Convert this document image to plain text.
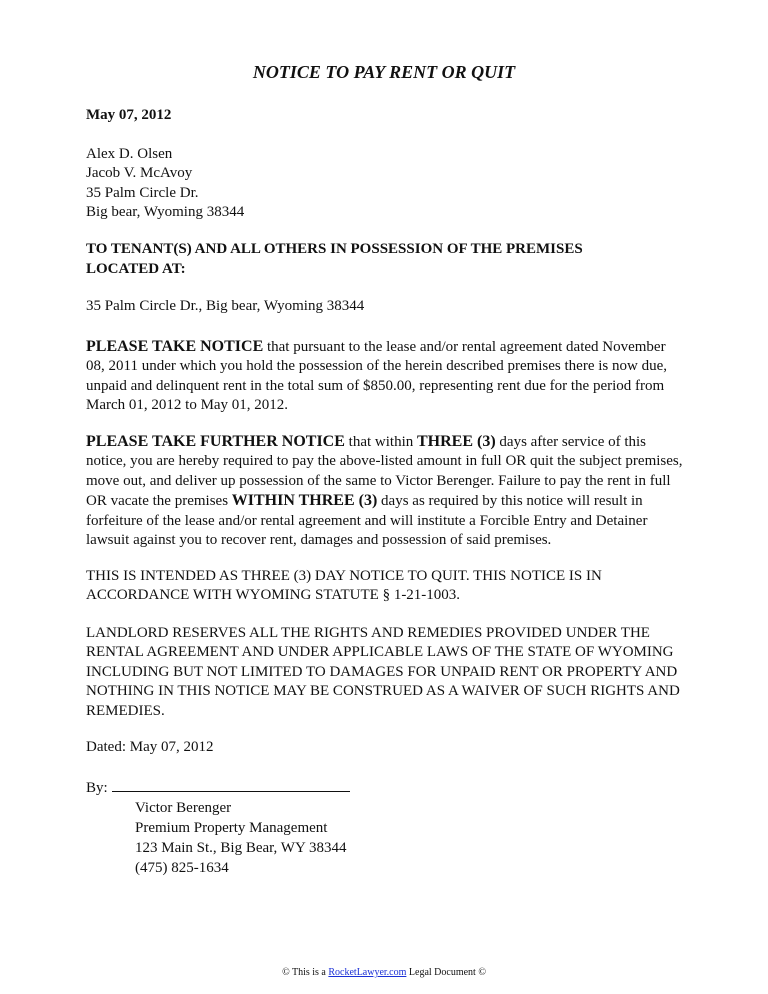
NOTICE TO PAY RENT OR QUIT

May 07, 2012

Alex D. Olsen
Jacob V. McAvoy
35 Palm Circle Dr.
Big bear, Wyoming 38344
TO TENANT(S) AND ALL OTHERS IN POSSESSION OF THE PREMISES LOCATED AT:

35 Palm Circle Dr., Big bear, Wyoming 38344

PLEASE TAKE NOTICE that pursuant to the lease and/or rental agreement dated November 08, 2011 under which you hold the possession of the herein described premises there is now due, unpaid and delinquent rent in the total sum of $850.00, representing rent due for the period from March 01, 2012 to May 01, 2012.

PLEASE TAKE FURTHER NOTICE that within THREE (3) days after service of this notice, you are hereby required to pay the above-listed amount in full OR quit the subject premises, move out, and deliver up possession of the same to Victor Berenger. Failure to pay the rent in full OR vacate the premises WITHIN THREE (3) days as required by this notice will result in forfeiture of the lease and/or rental agreement and will institute a Forcible Entry and Detainer lawsuit against you to recover rent, damages and possession of said premises.

THIS IS INTENDED AS THREE (3) DAY NOTICE TO QUIT. THIS NOTICE IS IN ACCORDANCE WITH WYOMING STATUTE § 1-21-1003.

LANDLORD RESERVES ALL THE RIGHTS AND REMEDIES PROVIDED UNDER THE RENTAL AGREEMENT AND UNDER APPLICABLE LAWS OF THE STATE OF WYOMING INCLUDING BUT NOT LIMITED TO DAMAGES FOR UNPAID RENT OR PROPERTY AND NOTHING IN THIS NOTICE MAY BE CONSTRUED AS A WAIVER OF SUCH RIGHTS AND REMEDIES.

Dated: May 07, 2012

By:

Victor Berenger
Premium Property Management
123 Main St., Big Bear, WY 38344
(475) 825-1634
© This is a RocketLawyer.com Legal Document ©
